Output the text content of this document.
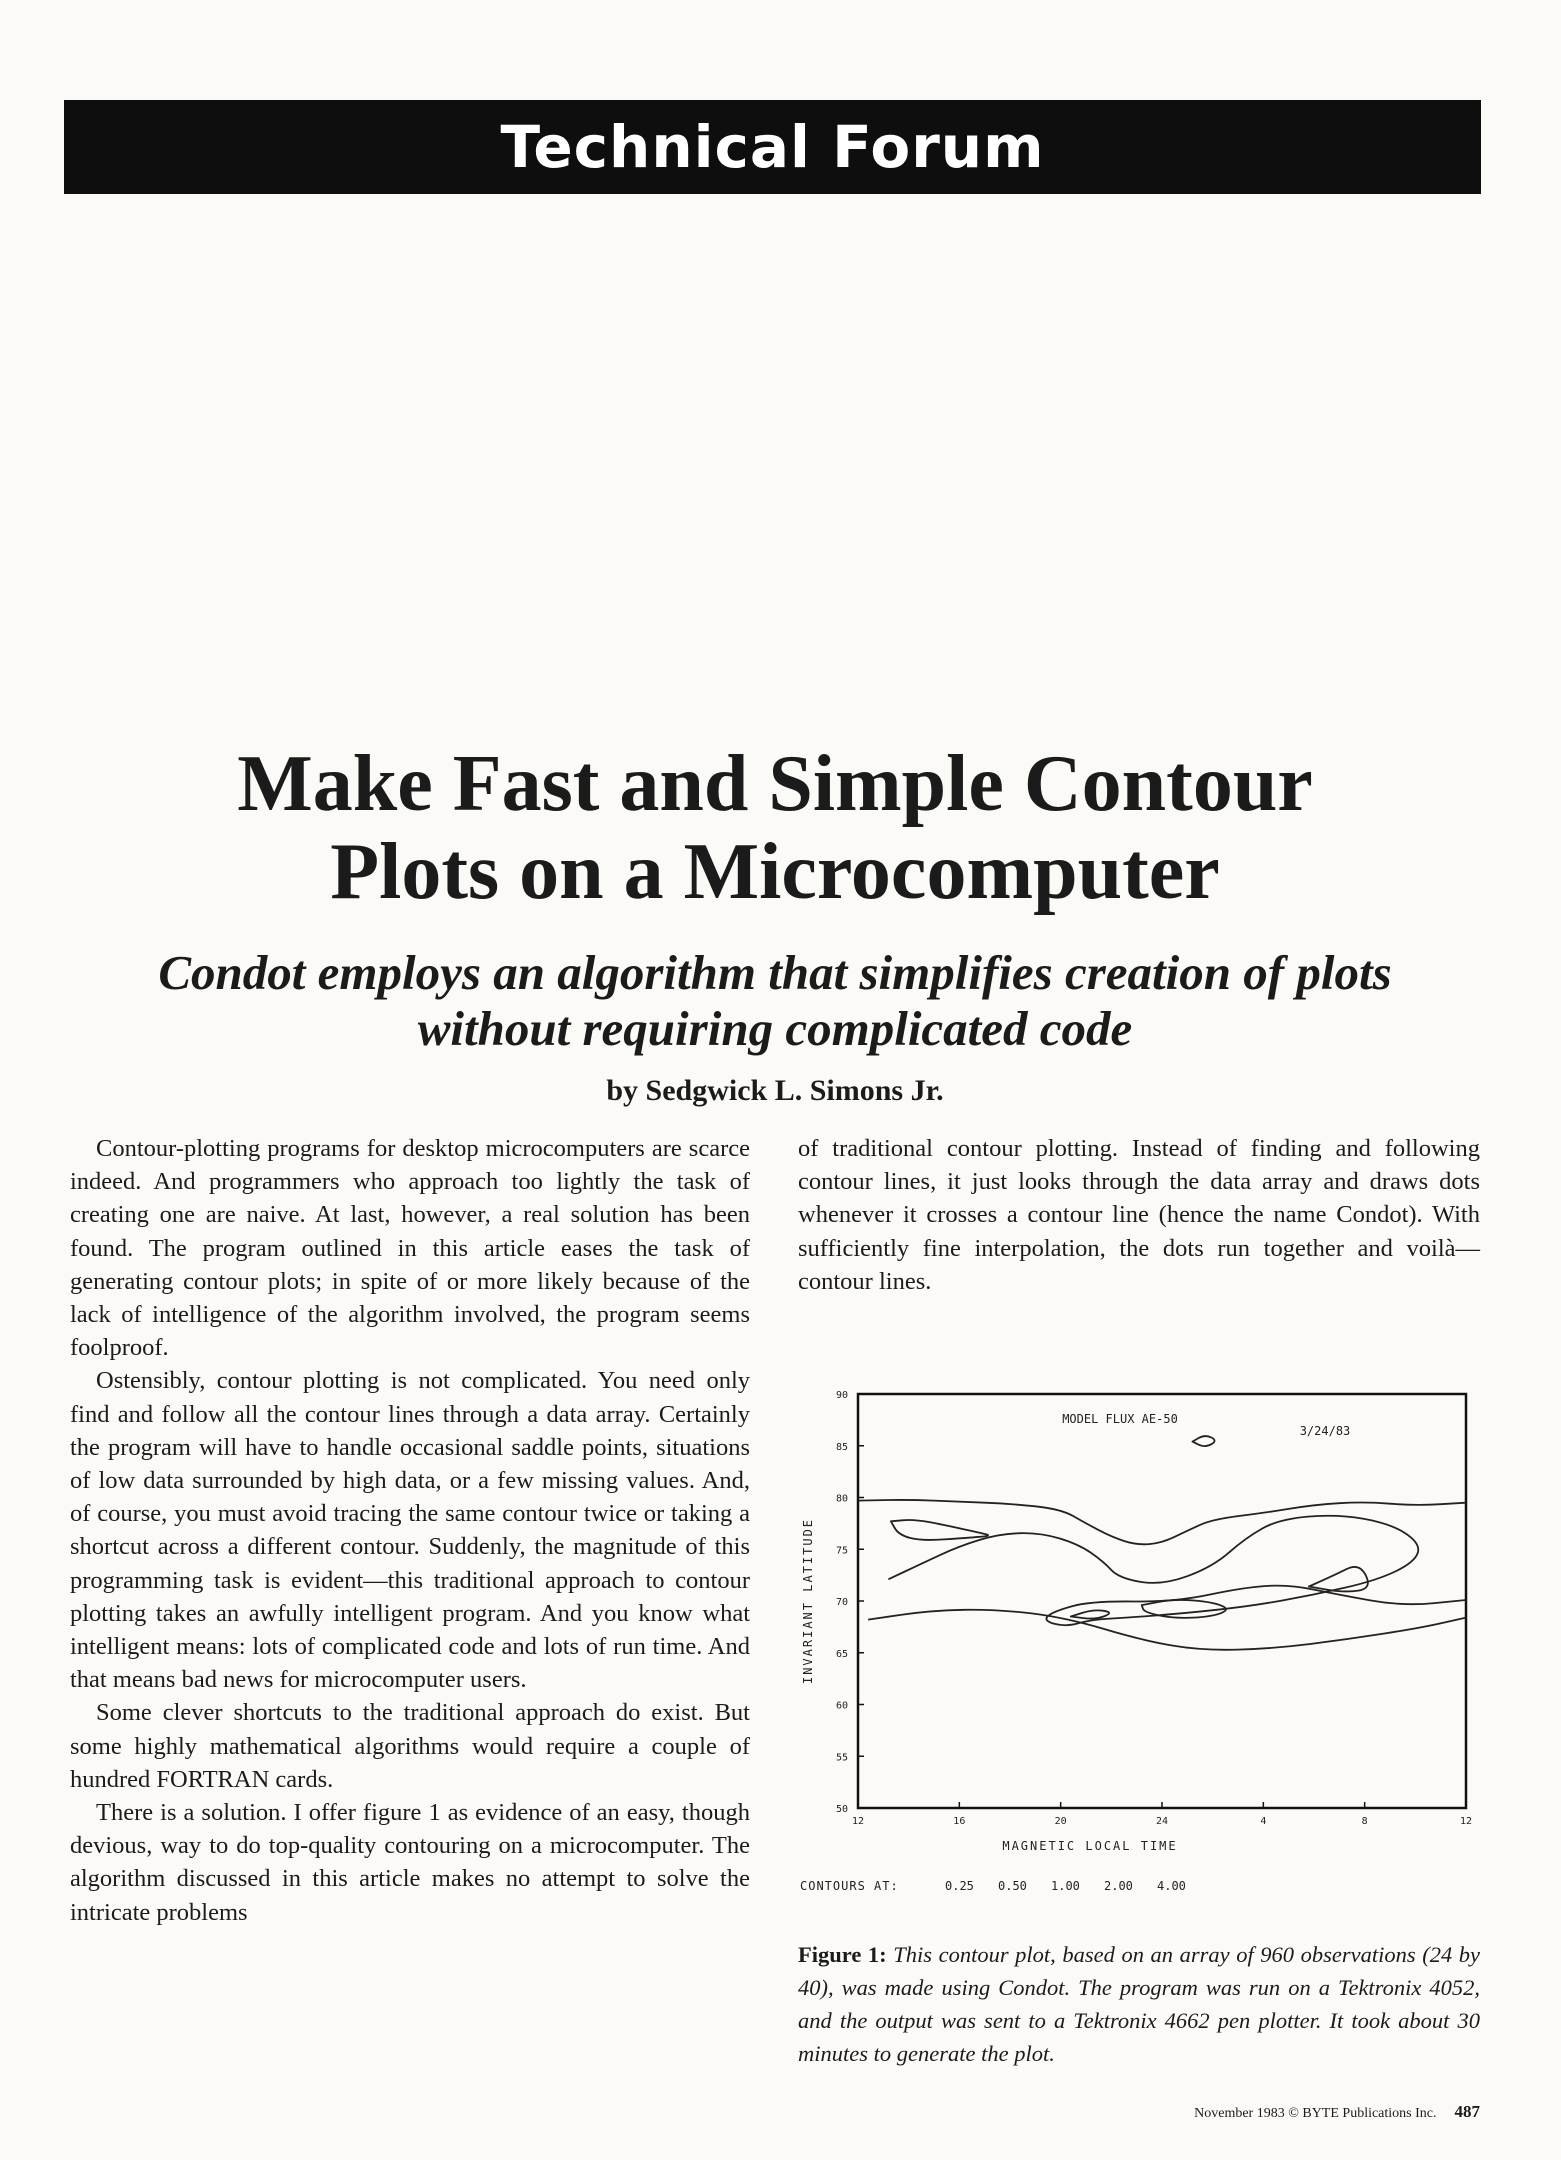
Technical Forum
Make Fast and Simple Contour
Plots on a Microcomputer
Condot employs an algorithm that simplifies creation of plots
without requiring complicated code

by Sedgwick L. Simons Jr.

Contour-plotting programs for desktop microcomputers are scarce indeed. And programmers who approach too lightly the task of creating one are naive. At last, however, a real solution has been found. The program outlined in this article eases the task of generating contour plots; in spite of or more likely because of the lack of intelligence of the algorithm involved, the program seems foolproof.

Ostensibly, contour plotting is not complicated. You need only find and follow all the contour lines through a data array. Certainly the program will have to handle occasional saddle points, situations of low data surrounded by high data, or a few missing values. And, of course, you must avoid tracing the same contour twice or taking a shortcut across a different contour. Suddenly, the magnitude of this programming task is evident—this traditional approach to contour plotting takes an awfully intelligent program. And you know what intelligent means: lots of complicated code and lots of run time. And that means bad news for microcomputer users.

Some clever shortcuts to the traditional approach do exist. But some highly mathematical algorithms would require a couple of hundred FORTRAN cards.

There is a solution. I offer figure 1 as evidence of an easy, though devious, way to do top-quality contouring on a microcomputer. The algorithm discussed in this article makes no attempt to solve the intricate problems

of traditional contour plotting. Instead of finding and following contour lines, it just looks through the data array and draws dots whenever it crosses a contour line (hence the name Condot). With sufficiently fine interpolation, the dots run together and voilà—contour lines.

90
85
80
75
70
65
60
55
50
12	16	20	24	4	8	12
MODEL FLUX AE-50
3/24/83
INVARIANT LATITUDE
MAGNETIC LOCAL TIME
CONTOURS AT:	0.25 0.50 1.00 2.00 4.00

Figure 1: This contour plot, based on an array of 960 observations (24 by 40), was made using Condot. The program was run on a Tektronix 4052, and the output was sent to a Tektronix 4662 pen plotter. It took about 30 minutes to generate the plot.

November 1983 © BYTE Publications Inc. 487
